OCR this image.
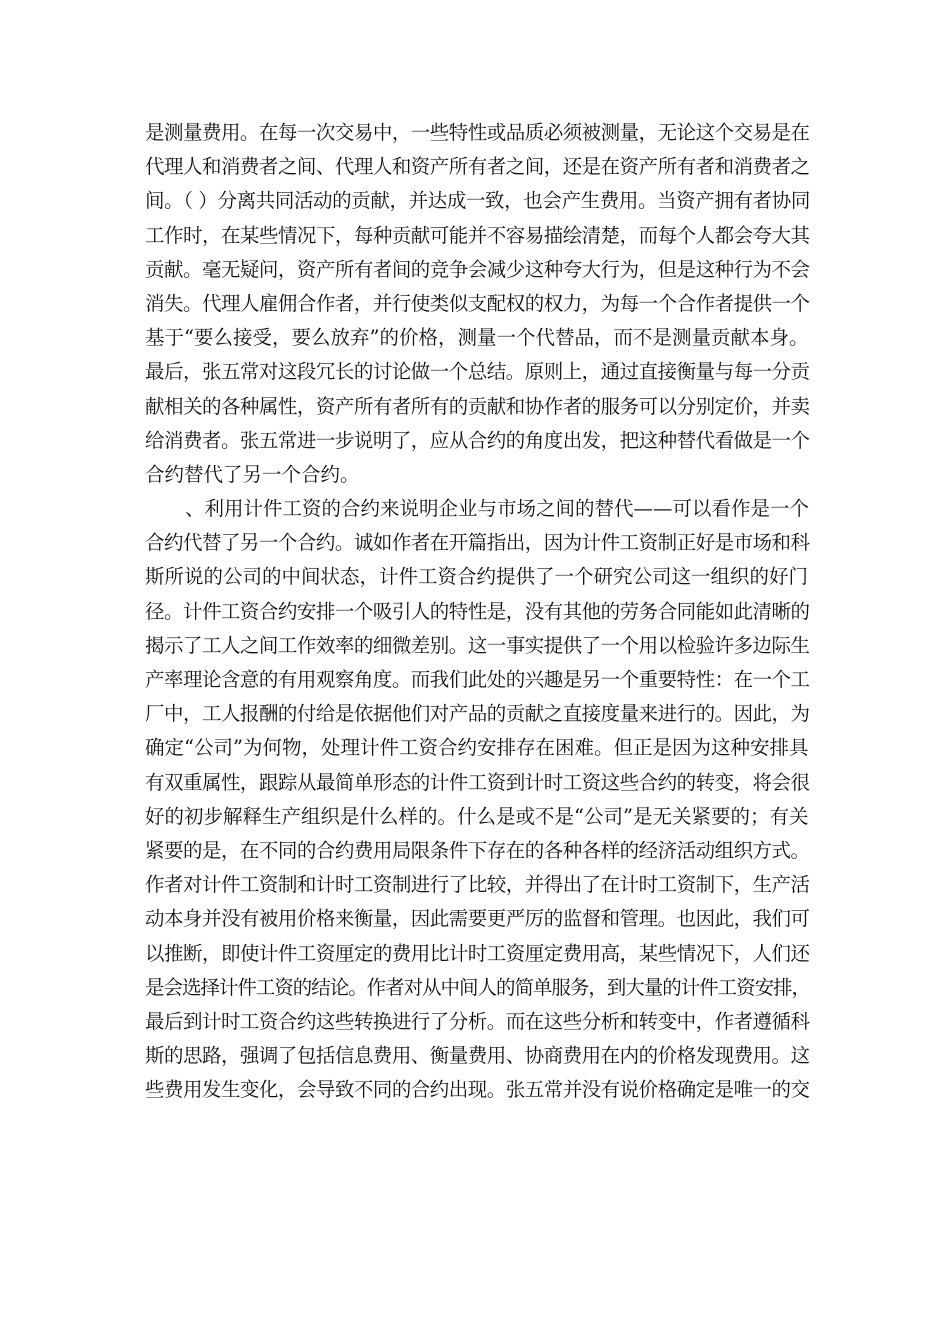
是测量费用。在每一次交易中，一些特性或品质必须被测量，无论这个交易是在
代理人和消费者之间、代理人和资产所有者之间，还是在资产所有者和消费者之
间。（ ）分离共同活动的贡献，并达成一致，也会产生费用。当资产拥有者协同
工作时，在某些情况下，每种贡献可能并不容易描绘清楚，而每个人都会夸大其
贡献。毫无疑问，资产所有者间的竞争会减少这种夸大行为，但是这种行为不会
消失。代理人雇佣合作者，并行使类似支配权的权力，为每一个合作者提供一个
基于“要么接受，要么放弃”的价格，测量一个代替品，而不是测量贡献本身。
最后，张五常对这段冗长的讨论做一个总结。原则上，通过直接衡量与每一分贡
献相关的各种属性，资产所有者所有的贡献和协作者的服务可以分别定价，并卖
给消费者。张五常进一步说明了，应从合约的角度出发，把这种替代看做是一个
合约替代了另一个合约。
、利用计件工资的合约来说明企业与市场之间的替代——可以看作是一个
合约代替了另一个合约。诚如作者在开篇指出，因为计件工资制正好是市场和科
斯所说的公司的中间状态，计件工资合约提供了一个研究公司这一组织的好门
径。计件工资合约安排一个吸引人的特性是，没有其他的劳务合同能如此清晰的
揭示了工人之间工作效率的细微差别。这一事实提供了一个用以检验许多边际生
产率理论含意的有用观察角度。而我们此处的兴趣是另一个重要特性：在一个工
厂中，工人报酬的付给是依据他们对产品的贡献之直接度量来进行的。因此，为
确定“公司”为何物，处理计件工资合约安排存在困难。但正是因为这种安排具
有双重属性，跟踪从最简单形态的计件工资到计时工资这些合约的转变，将会很
好的初步解释生产组织是什么样的。什么是或不是“公司”是无关紧要的；有关
紧要的是，在不同的合约费用局限条件下存在的各种各样的经济活动组织方式。
作者对计件工资制和计时工资制进行了比较，并得出了在计时工资制下，生产活
动本身并没有被用价格来衡量，因此需要更严厉的监督和管理。也因此，我们可
以推断，即使计件工资厘定的费用比计时工资厘定费用高，某些情况下，人们还
是会选择计件工资的结论。作者对从中间人的简单服务，到大量的计件工资安排，
最后到计时工资合约这些转换进行了分析。而在这些分析和转变中，作者遵循科
斯的思路，强调了包括信息费用、衡量费用、协商费用在内的价格发现费用。这
些费用发生变化，会导致不同的合约出现。张五常并没有说价格确定是唯一的交
